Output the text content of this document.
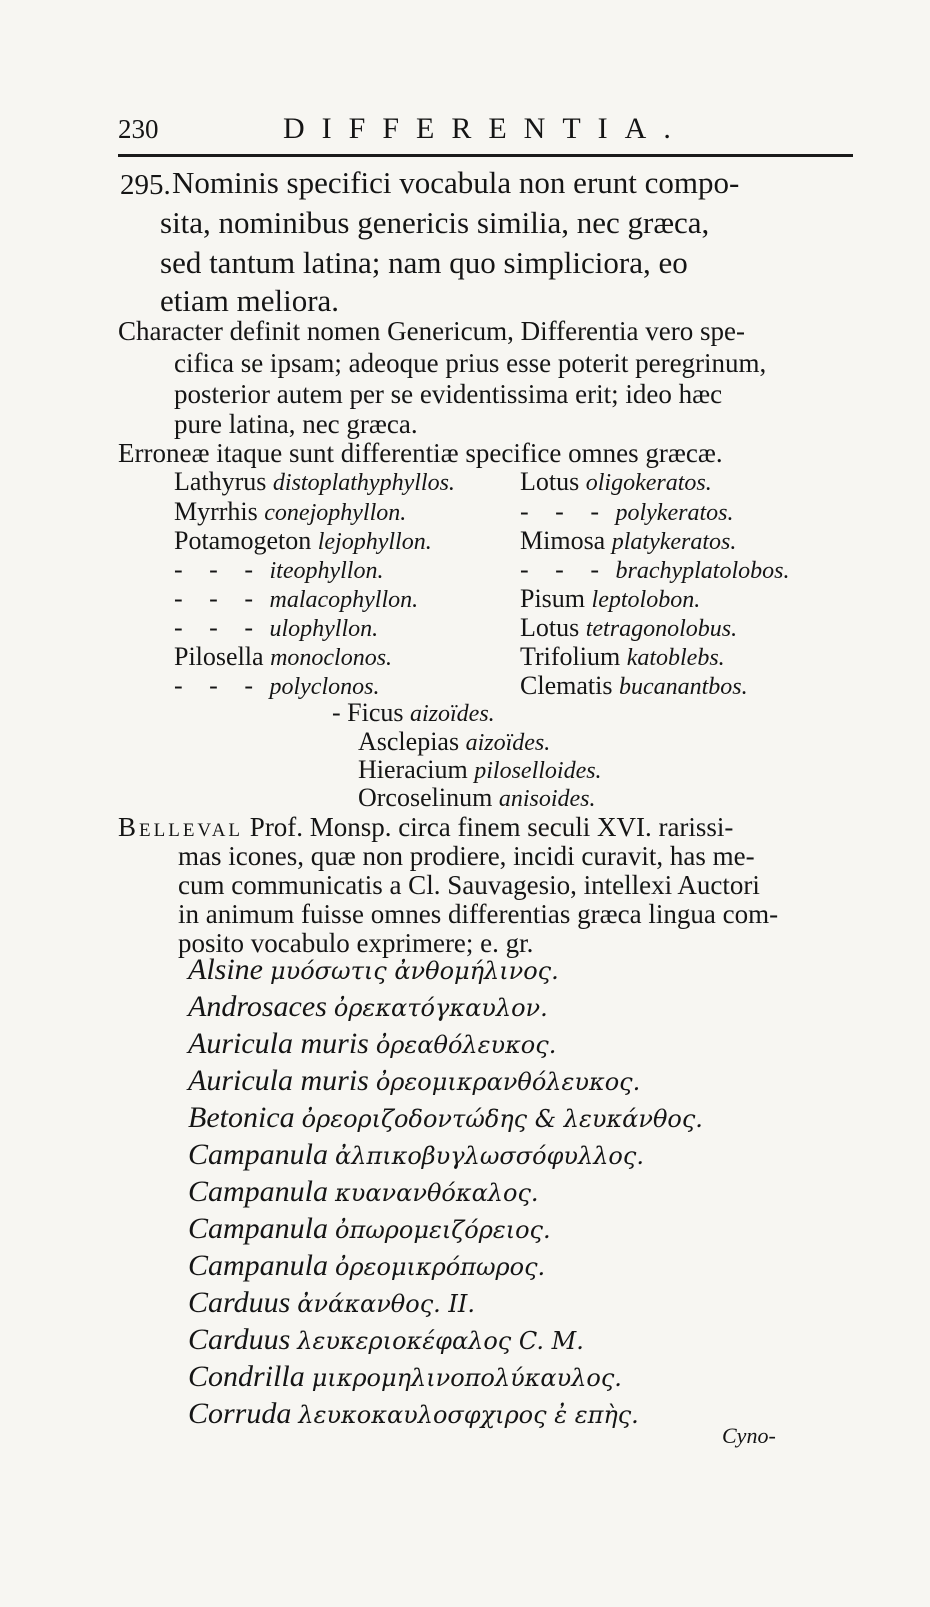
230	DIFFERENTIA.
295. Nominis specifici vocabula non erunt compo-
sita, nominibus genericis similia, nec græca,
sed tantum latina; nam quo simpliciora, eo
etiam meliora.
Character definit nomen Genericum, Differentia vero spe-
cifica se ipsam; adeoque prius esse poterit peregrinum,
posterior autem per se evidentissima erit; ideo hæc
pure latina, nec græca.
Erroneæ itaque sunt differentiæ specifice omnes græcæ.
Lathyrus distoplathyphyllos.
Myrrhis conejophyllon.
Potamogeton lejophyllon.
- - - iteophyllon.
- - - malacophyllon.
- - - ulophyllon.
Pilosella monoclonos.
- - - polyclonos.
Lotus oligokeratos.
- - - polykeratos.
Mimosa platykeratos.
- - - brachyplatolobos.
Pisum leptolobon.
Lotus tetragonolobus.
Trifolium katoblebs.
Clematis bucanantbos.
- Ficus aizoïdes.
Asclepias aizoïdes.
Hieracium piloselloides.
Orcoselinum anisoides.
Belleval Prof. Monsp. circa finem seculi XVI. rarissi-
mas icones, quæ non prodiere, incidi curavit, has me-
cum communicatis a Cl. Sauvagesio, intellexi Auctori
in animum fuisse omnes differentias græca lingua com-
posito vocabulo exprimere; e. gr.
Alsine μυόσωτις ἀνθομήλινος.
Androsaces ὀρεκατόγκαυλον.
Auricula muris ὀρεαθόλευκος.
Auricula muris ὀρεομικρανθόλευκος.
Betonica ὀρεοριζοδοντώδης & λευκάνθος.
Campanula ἀλπικοβυγλωσσόφυλλος.
Campanula κυανανθόκαλος.
Campanula ὀπωρομειζόρειος.
Campanula ὀρεομικρόπωρος.
Carduus ἀνάκανθος. II.
Carduus λευκεριοκέφαλος C. M.
Condrilla μικρομηλινοπολύκαυλος.
Corruda λευκοκαυλοσφχιρος ἐ επὴς.
Cyno-
